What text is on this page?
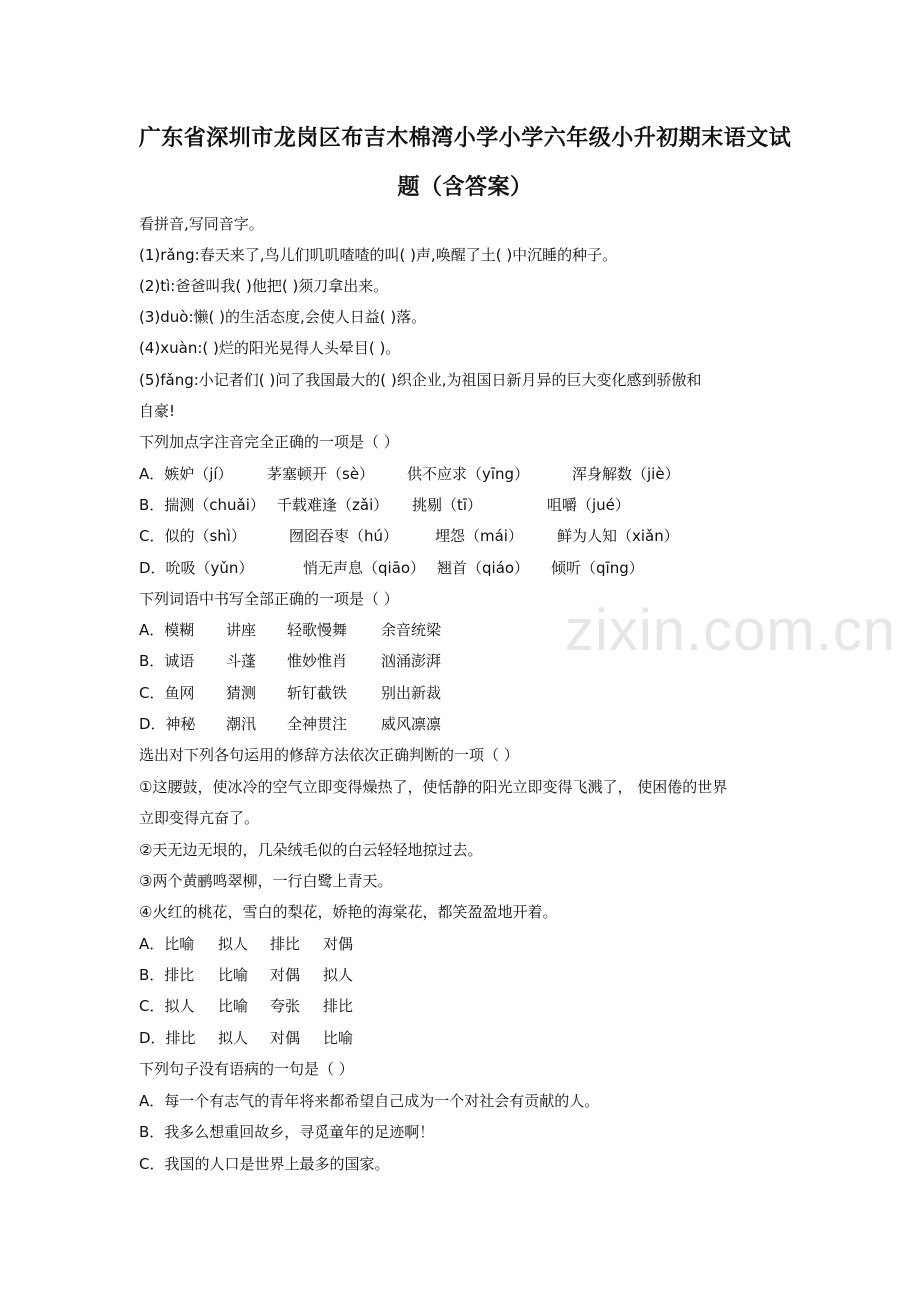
zixin.com.cn
广东省深圳市龙岗区布吉木棉湾小学小学六年级小升初期末语文试
题（含答案）
看拼音,写同音字。
(1)rǎng:春天来了,鸟儿们叽叽喳喳的叫( )声,唤醒了土( )中沉睡的种子。
(2)tì:爸爸叫我( )他把( )须刀拿出来。
(3)duò:懒( )的生活态度,会使人日益( )落。
(4)xuàn:( )烂的阳光晃得人头晕目( )。
(5)fǎng:小记者们( )问了我国最大的( )织企业,为祖国日新月异的巨大变化感到骄傲和
自豪!
下列加点字注音完全正确的一项是（ ）
A．嫉妒（jí） 茅塞顿开（sè） 供不应求（yīng）	浑身解数（jiè）
B．揣测（chuǎi） 千载难逢（zǎi） 挑剔（tī）	咀嚼（jué）
C．似的（shì）	囫囵吞枣（hú） 埋怨（mái） 鲜为人知（xiǎn）
D．吮吸（yǔn）	悄无声息（qiāo） 翘首（qiáo） 倾听（qīng）
下列词语中书写全部正确的一项是（ ）
A．模糊 讲座 轻歌慢舞 余音统梁
B．诚语 斗蓬 惟妙惟肖 汹涌澎湃
C．鱼网 猜测 斩钉截铁 别出新裁
D．神秘 潮汛 全神贯注 威风凛凛
选出对下列各句运用的修辞方法依次正确判断的一项（ ）
①这腰鼓，使冰冷的空气立即变得燥热了，使恬静的阳光立即变得飞溅了， 使困倦的世界
立即变得亢奋了。
②天无边无垠的，几朵绒毛似的白云轻轻地掠过去。
③两个黄鹂鸣翠柳，一行白鹭上青天。
④火红的桃花，雪白的梨花，娇艳的海棠花，都笑盈盈地开着。
A．比喻 拟人 排比 对偶
B．排比 比喻 对偶 拟人
C．拟人 比喻 夸张 排比
D．排比 拟人 对偶 比喻
下列句子没有语病的一句是（ ）
A．每一个有志气的青年将来都希望自己成为一个对社会有贡献的人。
B．我多么想重回故乡，寻觅童年的足迹啊！
C．我国的人口是世界上最多的国家。
